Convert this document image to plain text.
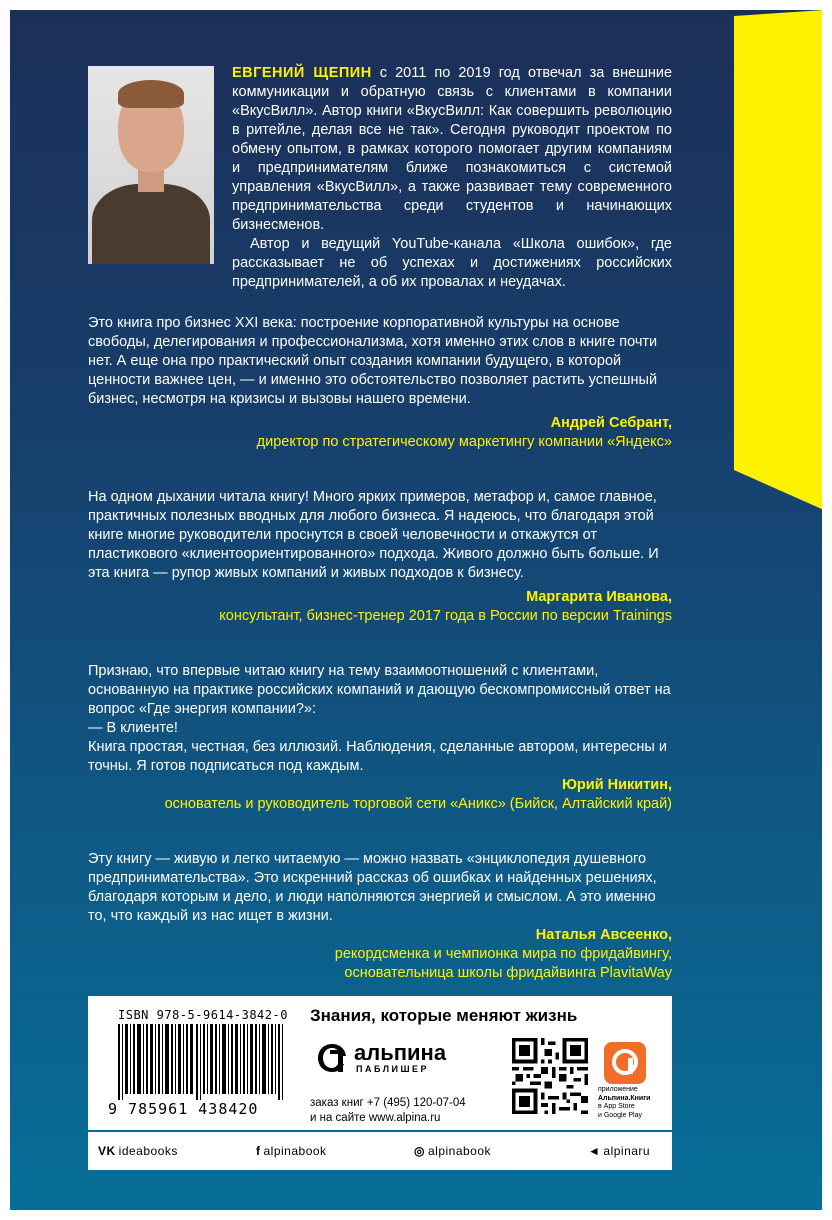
ЕВГЕНИЙ ЩЕПИН с 2011 по 2019 год отвечал за внешние коммуникации и обратную связь с клиентами в компании «ВкусВилл». Автор книги «ВкусВилл: Как совершить революцию в ритейле, делая все не так». Сегодня руководит проектом по обмену опытом, в рамках которого помогает другим компаниям и предпринимателям ближе познакомиться с системой управления «ВкусВилл», а также развивает тему современного предпринимательства среди студентов и начинающих бизнесменов.

Автор и ведущий YouTube-канала «Школа ошибок», где рассказывает не об успехах и достижениях российских предпринимателей, а об их провалах и неудачах.

Это книга про бизнес XXI века: построение корпоративной культуры на основе свободы, делегирования и профессионализма, хотя именно этих слов в книге почти нет. А еще она про практический опыт создания компании будущего, в которой ценности важнее цен, — и именно это обстоятельство позволяет растить успешный бизнес, несмотря на кризисы и вызовы нашего времени.

Андрей Себрант,

директор по стратегическому маркетингу компании «Яндекс»

На одном дыхании читала книгу! Много ярких примеров, метафор и, самое главное, практичных полезных вводных для любого бизнеса. Я надеюсь, что благодаря этой книге многие руководители проснутся в своей человечности и откажутся от пластикового «клиентоориентированного» подхода. Живого должно быть больше. И эта книга — рупор живых компаний и живых подходов к бизнесу.

Маргарита Иванова,

консультант, бизнес-тренер 2017 года в России по версии Trainings

Признаю, что впервые читаю книгу на тему взаимоотношений с клиентами, основанную на практике российских компаний и дающую бескомпромиссный ответ на вопрос «Где энергия компании?»:

— В клиенте!

Книга простая, честная, без иллюзий. Наблюдения, сделанные автором, интересны и точны. Я готов подписаться под каждым.

Юрий Никитин,

основатель и руководитель торговой сети «Аникс» (Бийск, Алтайский край)

Эту книгу — живую и легко читаемую — можно назвать «энциклопедия душевного предпринимательства». Это искренний рассказ об ошибках и найденных решениях, благодаря которым и дело, и люди наполняются энергией и смыслом. А это именно то, что каждый из нас ищет в жизни.

Наталья Авсеенко,

рекордсменка и чемпионка мира по фридайвингу,

основательница школы фридайвинга PlavitaWay

ISBN 978-5-9614-3842-0
9 785961 438420
Знания, которые меняют жизнь
альпина
ПАБЛИШЕР

заказ книг +7 (495) 120-07-04

и на сайте www.alpina.ru

приложение

Альпина.Книги

в App Store

и Google Play

VK ideabooks	f alpinabook	◎ alpinabook	◄ alpinaru
